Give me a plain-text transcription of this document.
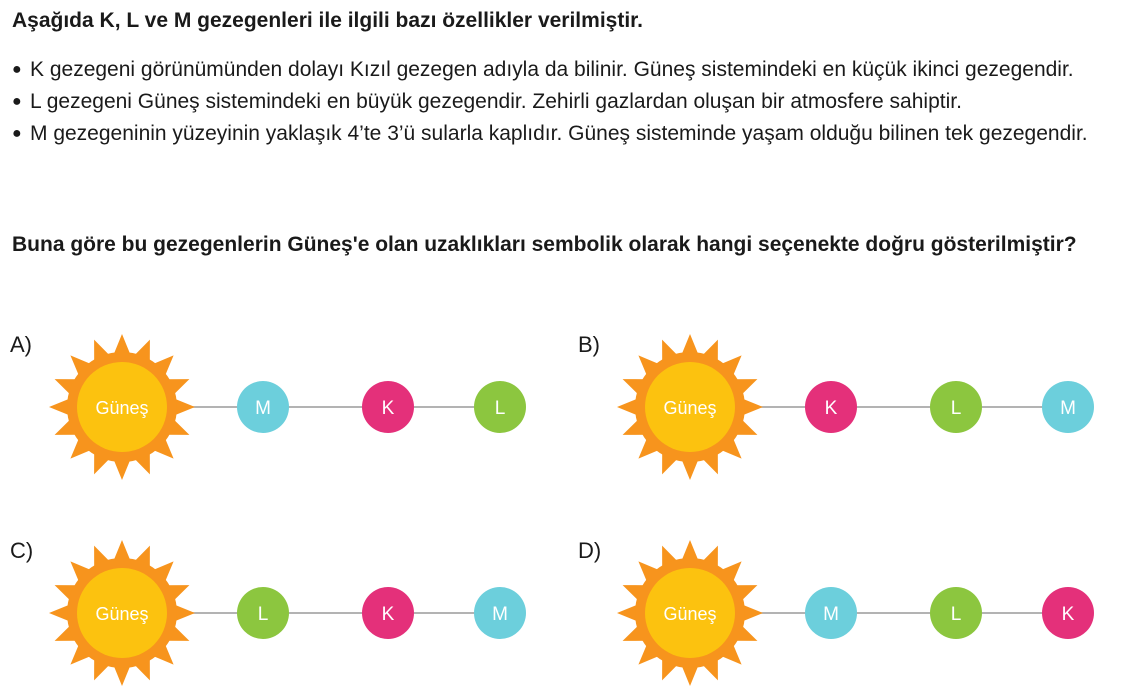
Aşağıda K, L ve M gezegenleri ile ilgili bazı özellikler verilmiştir.
● K gezegeni görünümünden dolayı Kızıl gezegen adıyla da bilinir. Güneş sistemindeki en küçük ikinci gezegendir.
● L gezegeni Güneş sistemindeki en büyük gezegendir. Zehirli gazlardan oluşan bir atmosfere sahiptir.
● M gezegeninin yüzeyinin yaklaşık 4’te 3’ü sularla kaplıdır. Güneş sisteminde yaşam olduğu bilinen tek gezegendir.
Buna göre bu gezegenlerin Güneş'e olan uzaklıkları sembolik olarak hangi seçenekte doğru gösterilmiştir?
A)
Güneş	M	K	L
B)
Güneş	K	L	M
C)
Güneş	L	K	M
D)
Güneş	M	L	K
